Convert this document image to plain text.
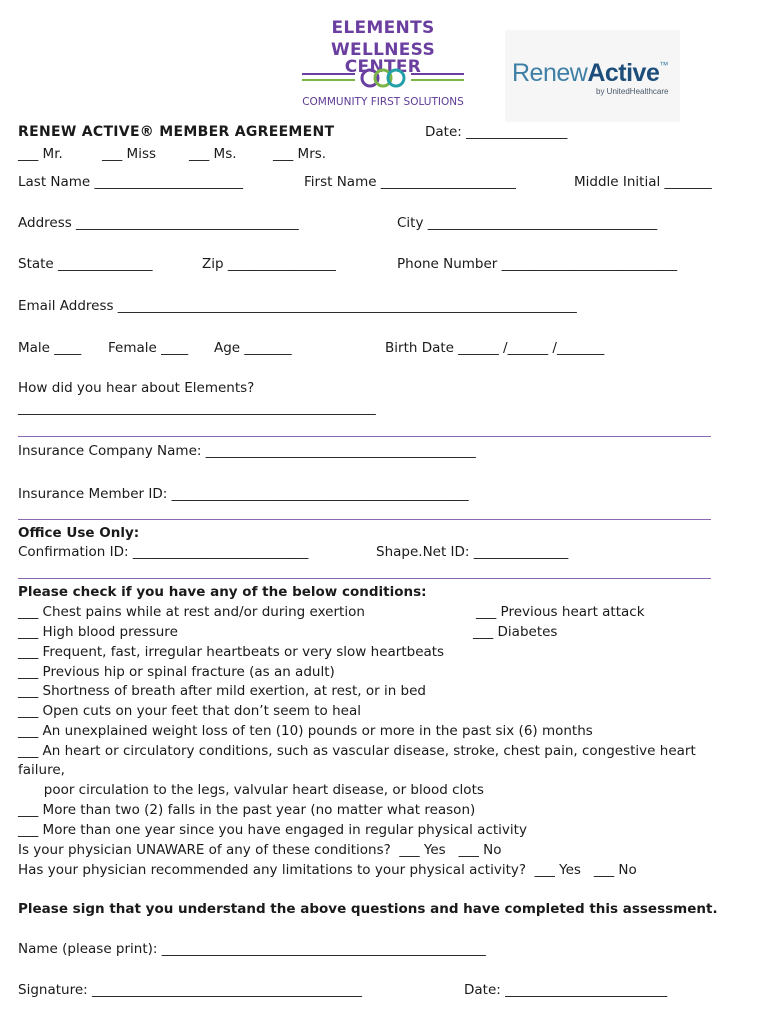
ELEMENTS
WELLNESS CENTER
COMMUNITY FIRST SOLUTIONS
RenewActive™
by UnitedHealthcare
RENEW ACTIVE® MEMBER AGREEMENT	Date: _______________
___ Mr.	___ Miss ___ Ms.	___ Mrs.
Last Name ______________________	First Name ____________________	Middle Initial _______
Address _________________________________	City __________________________________
State ______________	Zip ________________	Phone Number __________________________
Email Address ____________________________________________________________________
Male ____ Female ____ Age _______	Birth Date ______ /______ /_______
How did you hear about Elements?
_____________________________________________________
Insurance Company Name: ________________________________________
Insurance Member ID: ____________________________________________
Office Use Only:
Confirmation ID: __________________________	Shape.Net ID: ______________
Please check if you have any of the below conditions:
___ Chest pains while at rest and/or during exertion
___ High blood pressure
___ Frequent, fast, irregular heartbeats or very slow heartbeats
___ Previous hip or spinal fracture (as an adult)
___ Shortness of breath after mild exertion, at rest, or in bed
___ Open cuts on your feet that don’t seem to heal
___ An unexplained weight loss of ten (10) pounds or more in the past six (6) months
___ An heart or circulatory conditions, such as vascular disease, stroke, chest pain, congestive heart
failure,
poor circulation to the legs, valvular heart disease, or blood clots
___ More than two (2) falls in the past year (no matter what reason)
___ More than one year since you have engaged in regular physical activity
___ Previous heart attack
___ Diabetes
Is your physician UNAWARE of any of these conditions?  ___ Yes   ___ No
Has your physician recommended any limitations to your physical activity?  ___ Yes   ___ No
Please sign that you understand the above questions and have completed this assessment.
Name (please print): ________________________________________________
Signature: ________________________________________	Date: ________________________
